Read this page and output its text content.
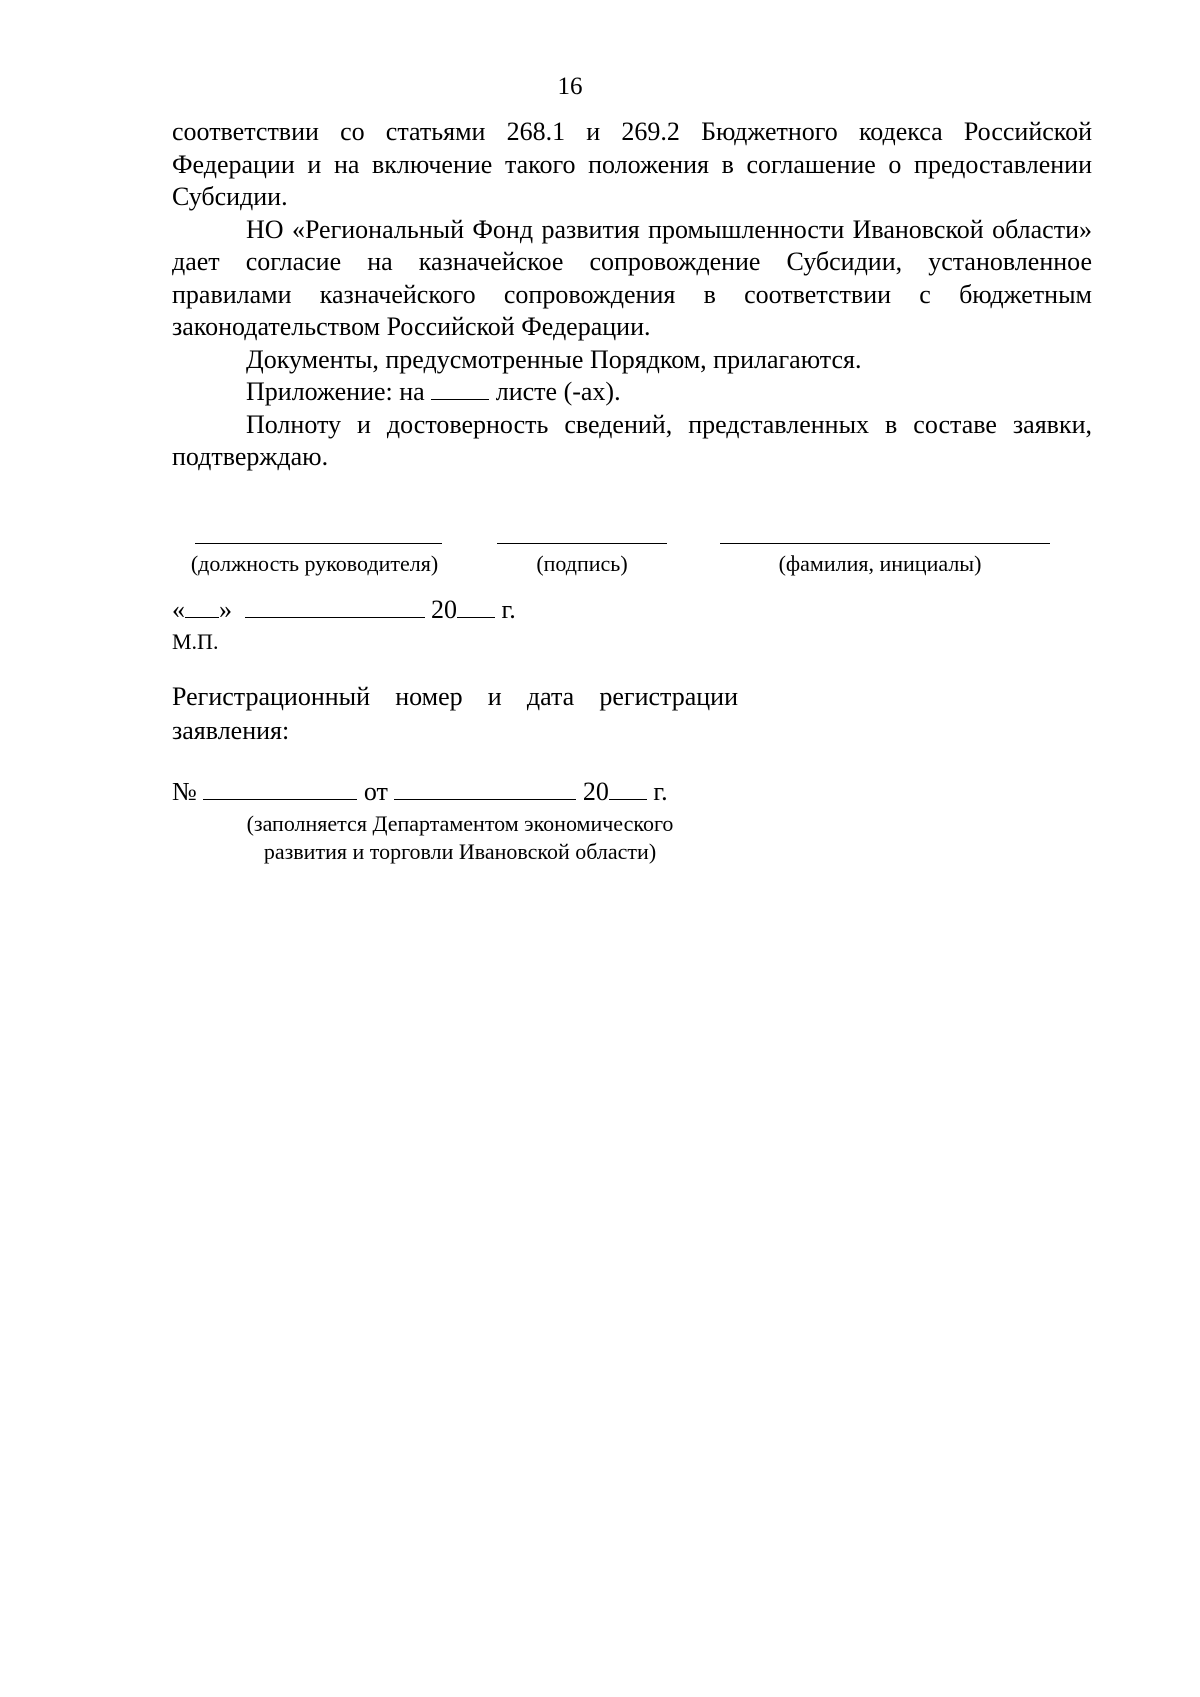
16

соответствии со статьями 268.1 и 269.2 Бюджетного кодекса Российской Федерации и на включение такого положения в соглашение о предоставлении Субсидии.

НО «Региональный Фонд развития промышленности Ивановской области» дает согласие на казначейское сопровождение Субсидии, установленное правилами казначейского сопровождения в соответствии с бюджетным законодательством Российской Федерации.

Документы, предусмотренные Порядком, прилагаются.

Приложение: на	листе (-ах).

Полноту и достоверность сведений, представленных в составе заявки, подтверждаю.

(должность руководителя)	(подпись)	(фамилия, инициалы)
« »	20 г.
М.П.

Регистрационный номер и дата регистрации заявления:

№	от	20 г.
(заполняется Департаментом экономического
развития и торговли Ивановской области)
